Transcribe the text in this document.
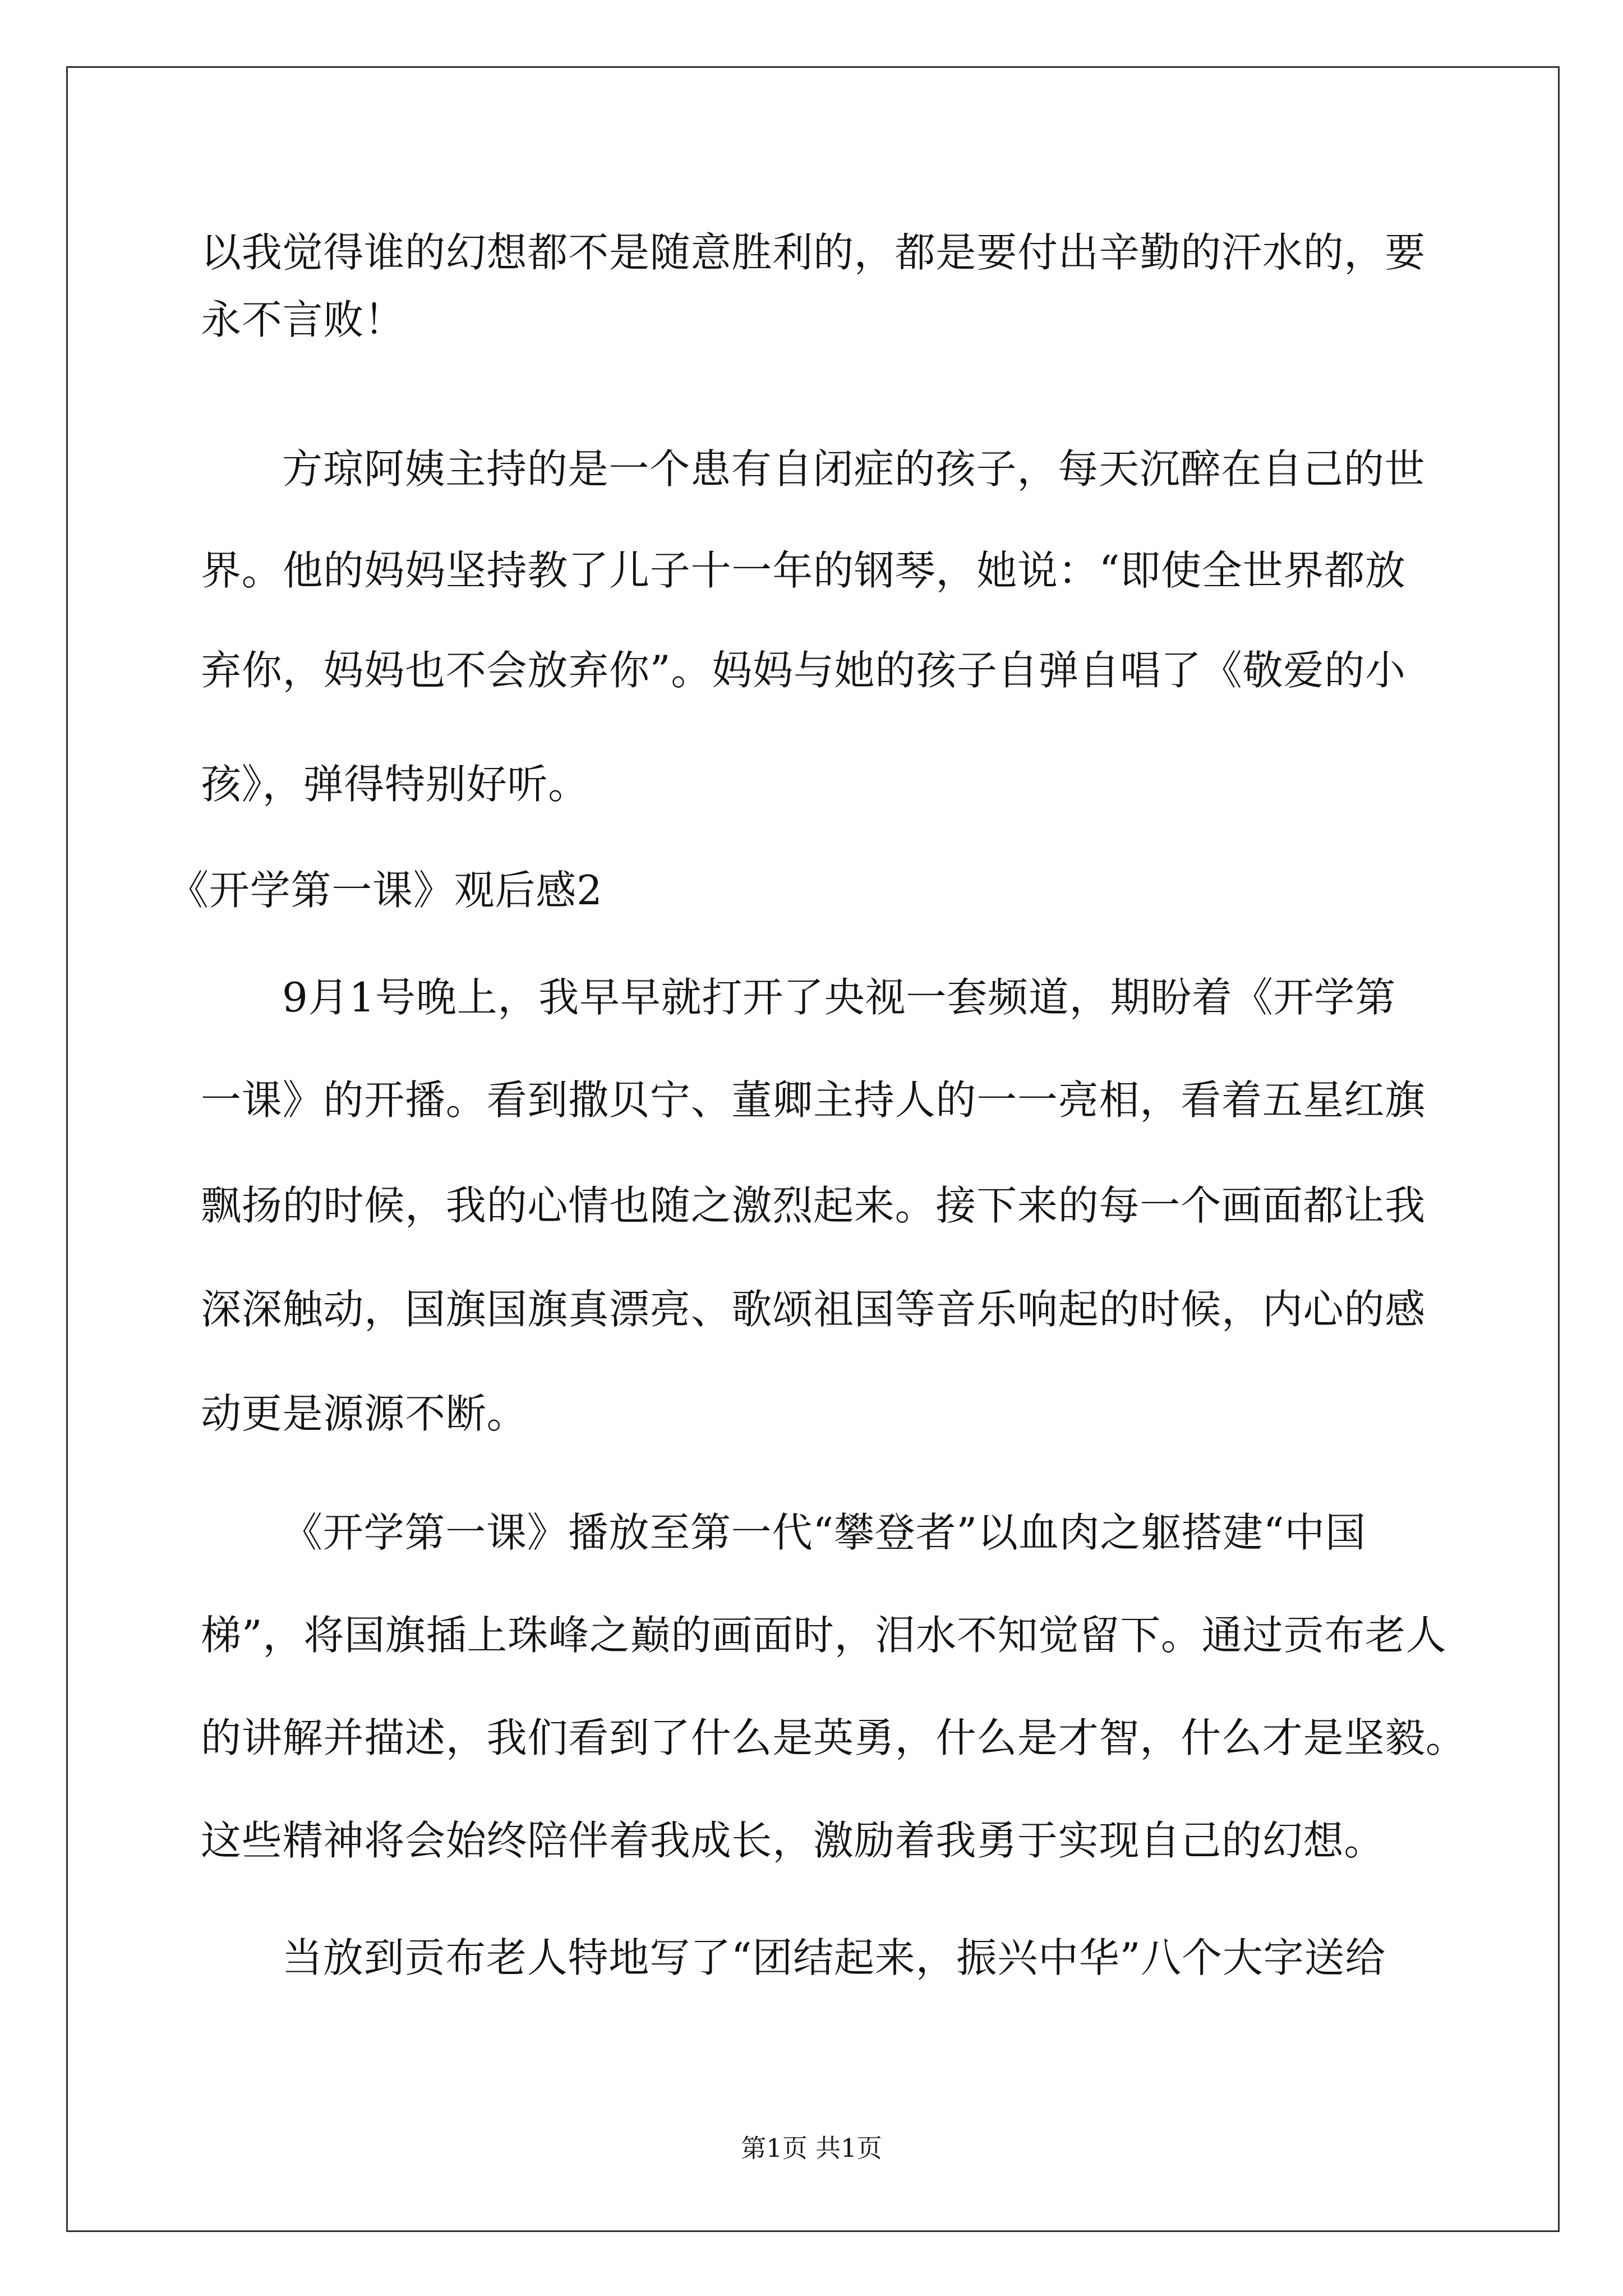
以我觉得谁的幻想都不是随意胜利的，都是要付出辛勤的汗水的，要
永不言败！
方琼阿姨主持的是一个患有自闭症的孩子，每天沉醉在自己的世
界。他的妈妈坚持教了儿子十一年的钢琴，她说：“即使全世界都放
弃你，妈妈也不会放弃你”。妈妈与她的孩子自弹自唱了《敬爱的小
孩》，弹得特别好听。
《开学第一课》观后感2
9月1号晚上，我早早就打开了央视一套频道，期盼着《开学第
一课》的开播。看到撒贝宁、董卿主持人的一一亮相，看着五星红旗
飘扬的时候，我的心情也随之激烈起来。接下来的每一个画面都让我
深深触动，国旗国旗真漂亮、歌颂祖国等音乐响起的时候，内心的感
动更是源源不断。
《开学第一课》播放至第一代“攀登者”以血肉之躯搭建“中国
梯”，将国旗插上珠峰之巅的画面时，泪水不知觉留下。通过贡布老人
的讲解并描述，我们看到了什么是英勇，什么是才智，什么才是坚毅。
这些精神将会始终陪伴着我成长，激励着我勇于实现自己的幻想。
当放到贡布老人特地写了“团结起来，振兴中华”八个大字送给
第1页 共1页
